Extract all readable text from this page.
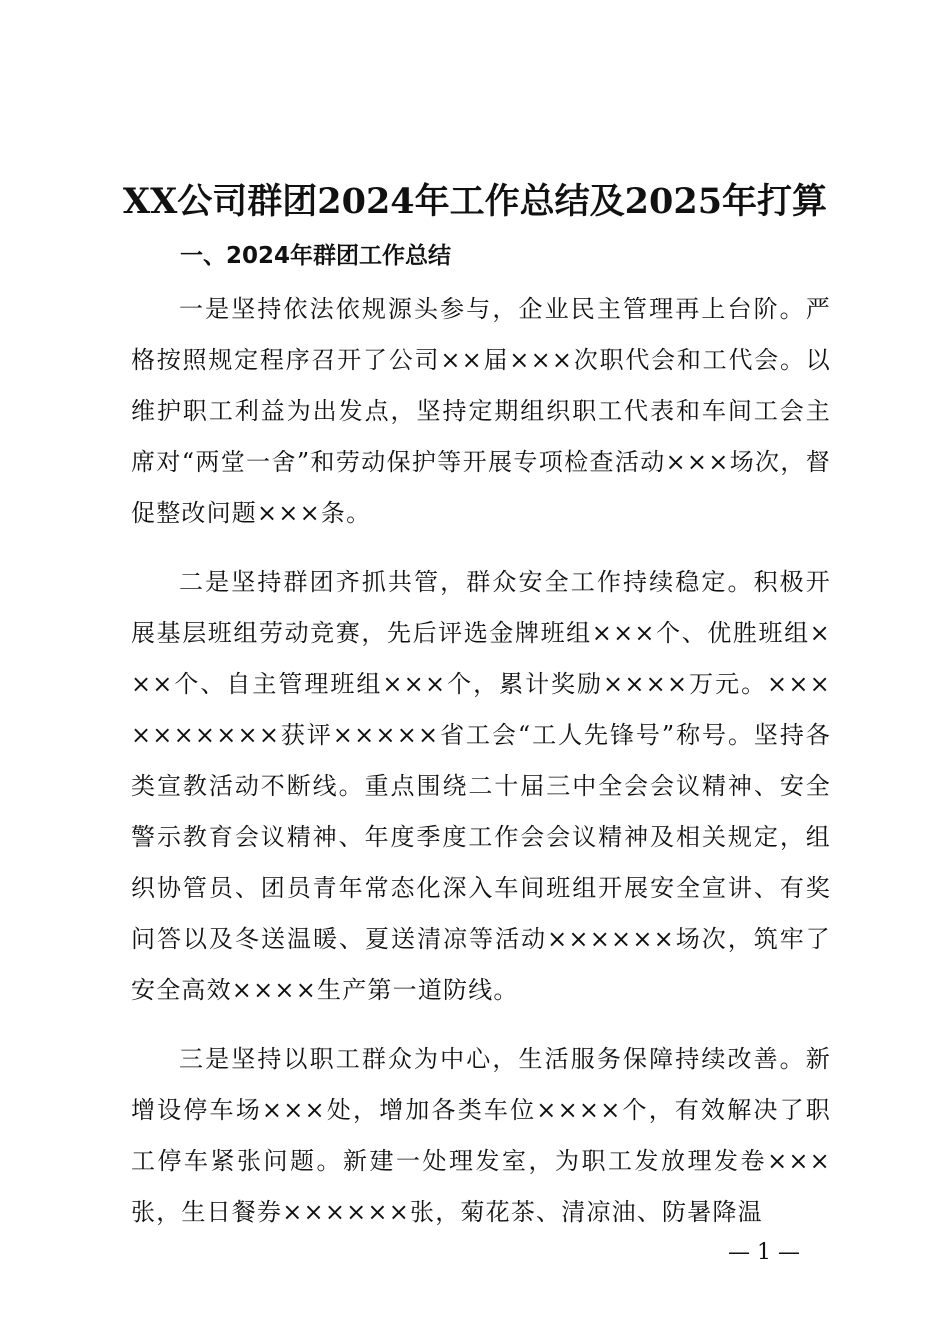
XX公司群团2024年工作总结及2025年打算
一、2024年群团工作总结

一是坚持依法依规源头参与，企业民主管理再上台阶。严格按照规定程序召开了公司××届×××次职代会和工代会。以维护职工利益为出发点，坚持定期组织职工代表和车间工会主席对“两堂一舍”和劳动保护等开展专项检查活动×××场次，督促整改问题×××条。

二是坚持群团齐抓共管，群众安全工作持续稳定。积极开展基层班组劳动竞赛，先后评选金牌班组×××个、优胜班组×××个、自主管理班组×××个，累计奖励××××万元。××××××××××获评×××××省工会“工人先锋号”称号。坚持各类宣教活动不断线。重点围绕二十届三中全会会议精神、安全警示教育会议精神、年度季度工作会会议精神及相关规定，组织协管员、团员青年常态化深入车间班组开展安全宣讲、有奖问答以及冬送温暖、夏送清凉等活动××××××场次，筑牢了安全高效××××生产第一道防线。

三是坚持以职工群众为中心，生活服务保障持续改善。新增设停车场×××处，增加各类车位××××个，有效解决了职工停车紧张问题。新建一处理发室，为职工发放理发卷×××张，生日餐券××××××张，菊花茶、清凉油、防暑降温

— 1 —
